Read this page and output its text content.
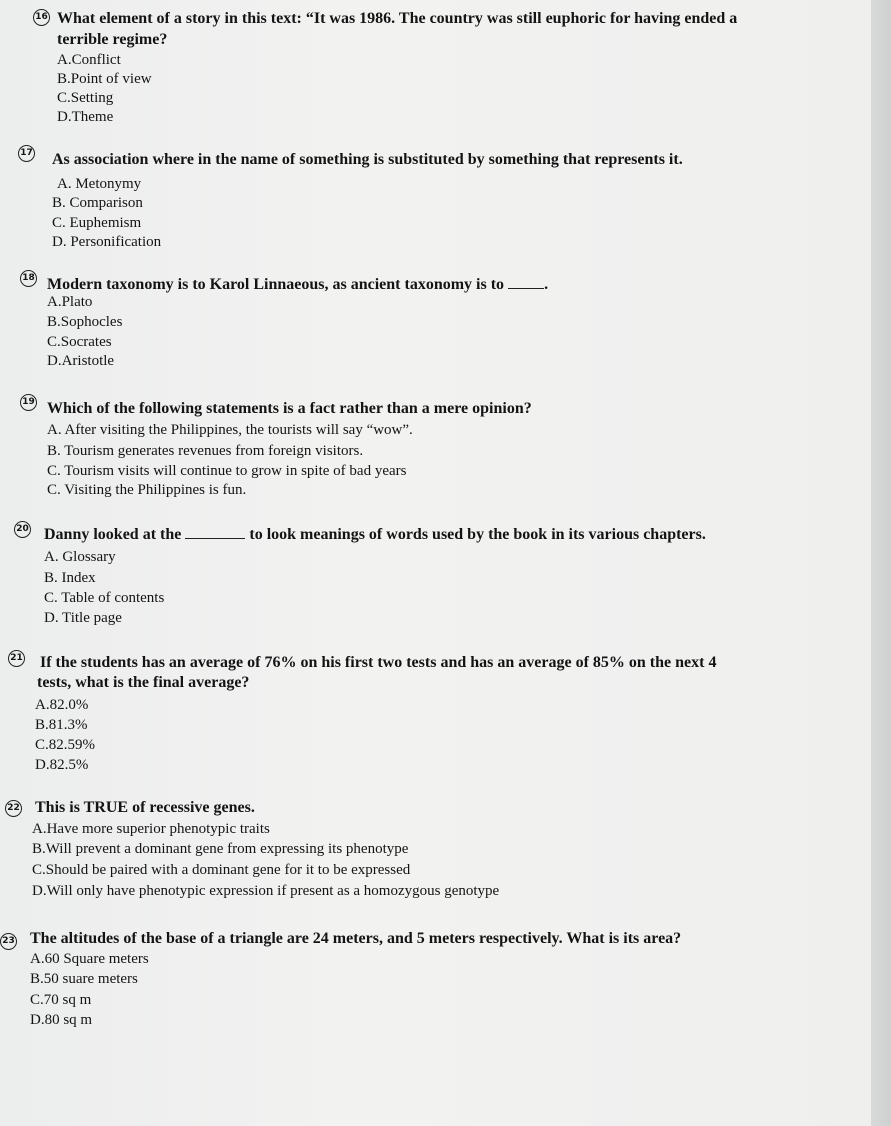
16 What element of a story in this text: “It was 1986. The country was still euphoric for having ended a
terrible regime?
A.Conflict
B.Point of view
C.Setting
D.Theme
17 As association where in the name of something is substituted by something that represents it.
A. Metonymy
B. Comparison
C. Euphemism
D. Personification
18 Modern taxonomy is to Karol Linnaeous, as ancient taxonomy is to	.
A.Plato
B.Sophocles
C.Socrates
D.Aristotle
19 Which of the following statements is a fact rather than a mere opinion?
A. After visiting the Philippines, the tourists will say “wow”.
B. Tourism generates revenues from foreign visitors.
C. Tourism visits will continue to grow in spite of bad years
C. Visiting the Philippines is fun.
20 Danny looked at the	to look meanings of words used by the book in its various chapters.
A. Glossary
B. Index
C. Table of contents
D. Title page
21 If the students has an average of 76% on his first two tests and has an average of 85% on the next 4
tests, what is the final average?
A.82.0%
B.81.3%
C.82.59%
D.82.5%
22 This is TRUE of recessive genes.
A.Have more superior phenotypic traits
B.Will prevent a dominant gene from expressing its phenotype
C.Should be paired with a dominant gene for it to be expressed
D.Will only have phenotypic expression if present as a homozygous genotype
23 The altitudes of the base of a triangle are 24 meters, and 5 meters respectively. What is its area?
A.60 Square meters
B.50 suare meters
C.70 sq m
D.80 sq m
